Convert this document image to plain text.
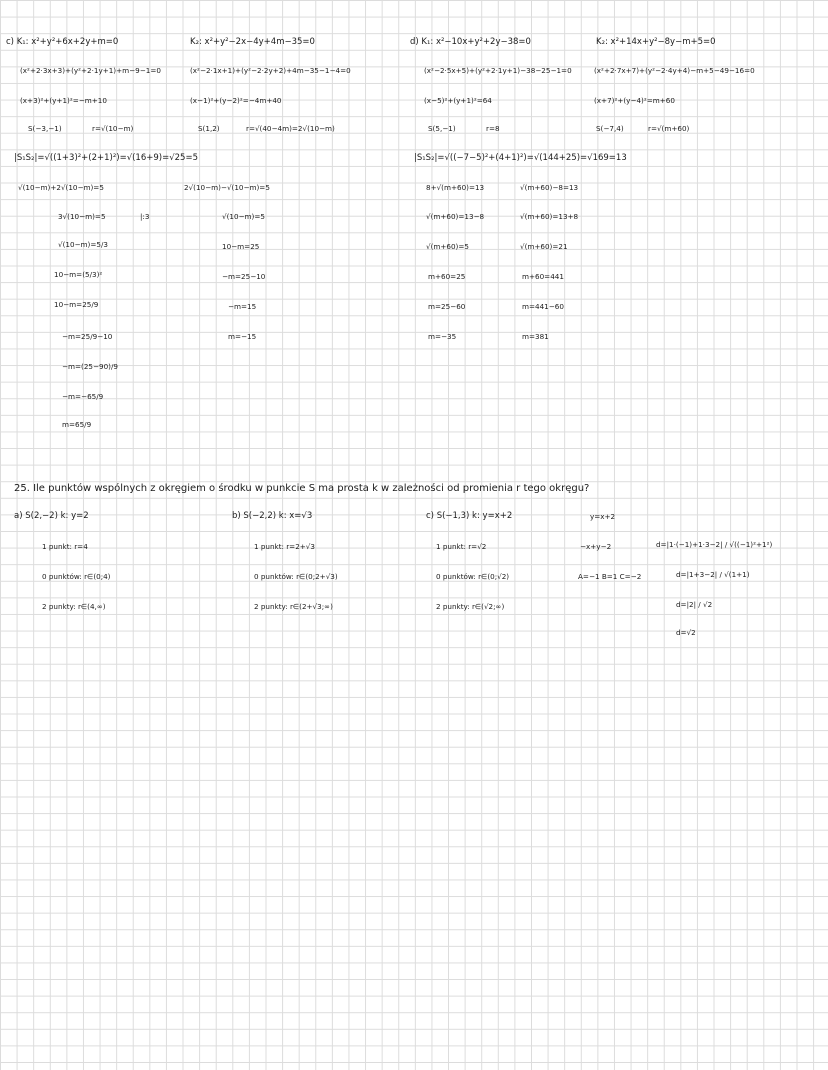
c) K₁: x²+y²+6x+2y+m=0
(x²+2·3x+3)+(y²+2·1y+1)+m−9−1=0
(x+3)²+(y+1)²=−m+10
S(−3,−1)	r=√(10−m)
K₂: x²+y²−2x−4y+4m−35=0
(x²−2·1x+1)+(y²−2·2y+2)+4m−35−1−4=0
(x−1)²+(y−2)²=−4m+40
S(1,2)	r=√(40−4m)=2√(10−m)
|S₁S₂|=√((1+3)²+(2+1)²)=√(16+9)=√25=5
√(10−m)+2√(10−m)=5
3√(10−m)=5	|:3
√(10−m)=5/3
10−m=(5/3)²
10−m=25/9
−m=25/9−10
−m=(25−90)/9
−m=−65/9
m=65/9
2√(10−m)−√(10−m)=5
√(10−m)=5
10−m=25
−m=25−10
−m=15
m=−15
d) K₁: x²−10x+y²+2y−38=0
(x²−2·5x+5)+(y²+2·1y+1)−38−25−1=0
(x−5)²+(y+1)²=64
S(5,−1)	r=8
K₂: x²+14x+y²−8y−m+5=0
(x²+2·7x+7)+(y²−2·4y+4)−m+5−49−16=0
(x+7)²+(y−4)²=m+60
S(−7,4)	r=√(m+60)
|S₁S₂|=√((−7−5)²+(4+1)²)=√(144+25)=√169=13
8+√(m+60)=13
√(m+60)=13−8
√(m+60)=5
m+60=25
m=25−60
m=−35
√(m+60)−8=13
√(m+60)=13+8
√(m+60)=21
m+60=441
m=441−60
m=381
25. Ile punktów wspólnych z okręgiem o środku w punkcie S ma prosta k w zależności od promienia r tego okręgu?
a) S(2,−2) k: y=2
1 punkt: r=4
0 punktów: r∈(0;4)
2 punkty: r∈(4,∞)
b) S(−2,2) k: x=√3
1 punkt: r=2+√3
0 punktów: r∈(0;2+√3)
2 punkty: r∈(2+√3;∞)
c) S(−1,3) k: y=x+2
1 punkt: r=√2
0 punktów: r∈(0;√2)
2 punkty: r∈(√2;∞)
y=x+2
−x+y−2
A=−1 B=1 C=−2
d=|1·(−1)+1·3−2| / √((−1)²+1²)
d=|1+3−2| / √(1+1)
d=|2| / √2
d=√2
